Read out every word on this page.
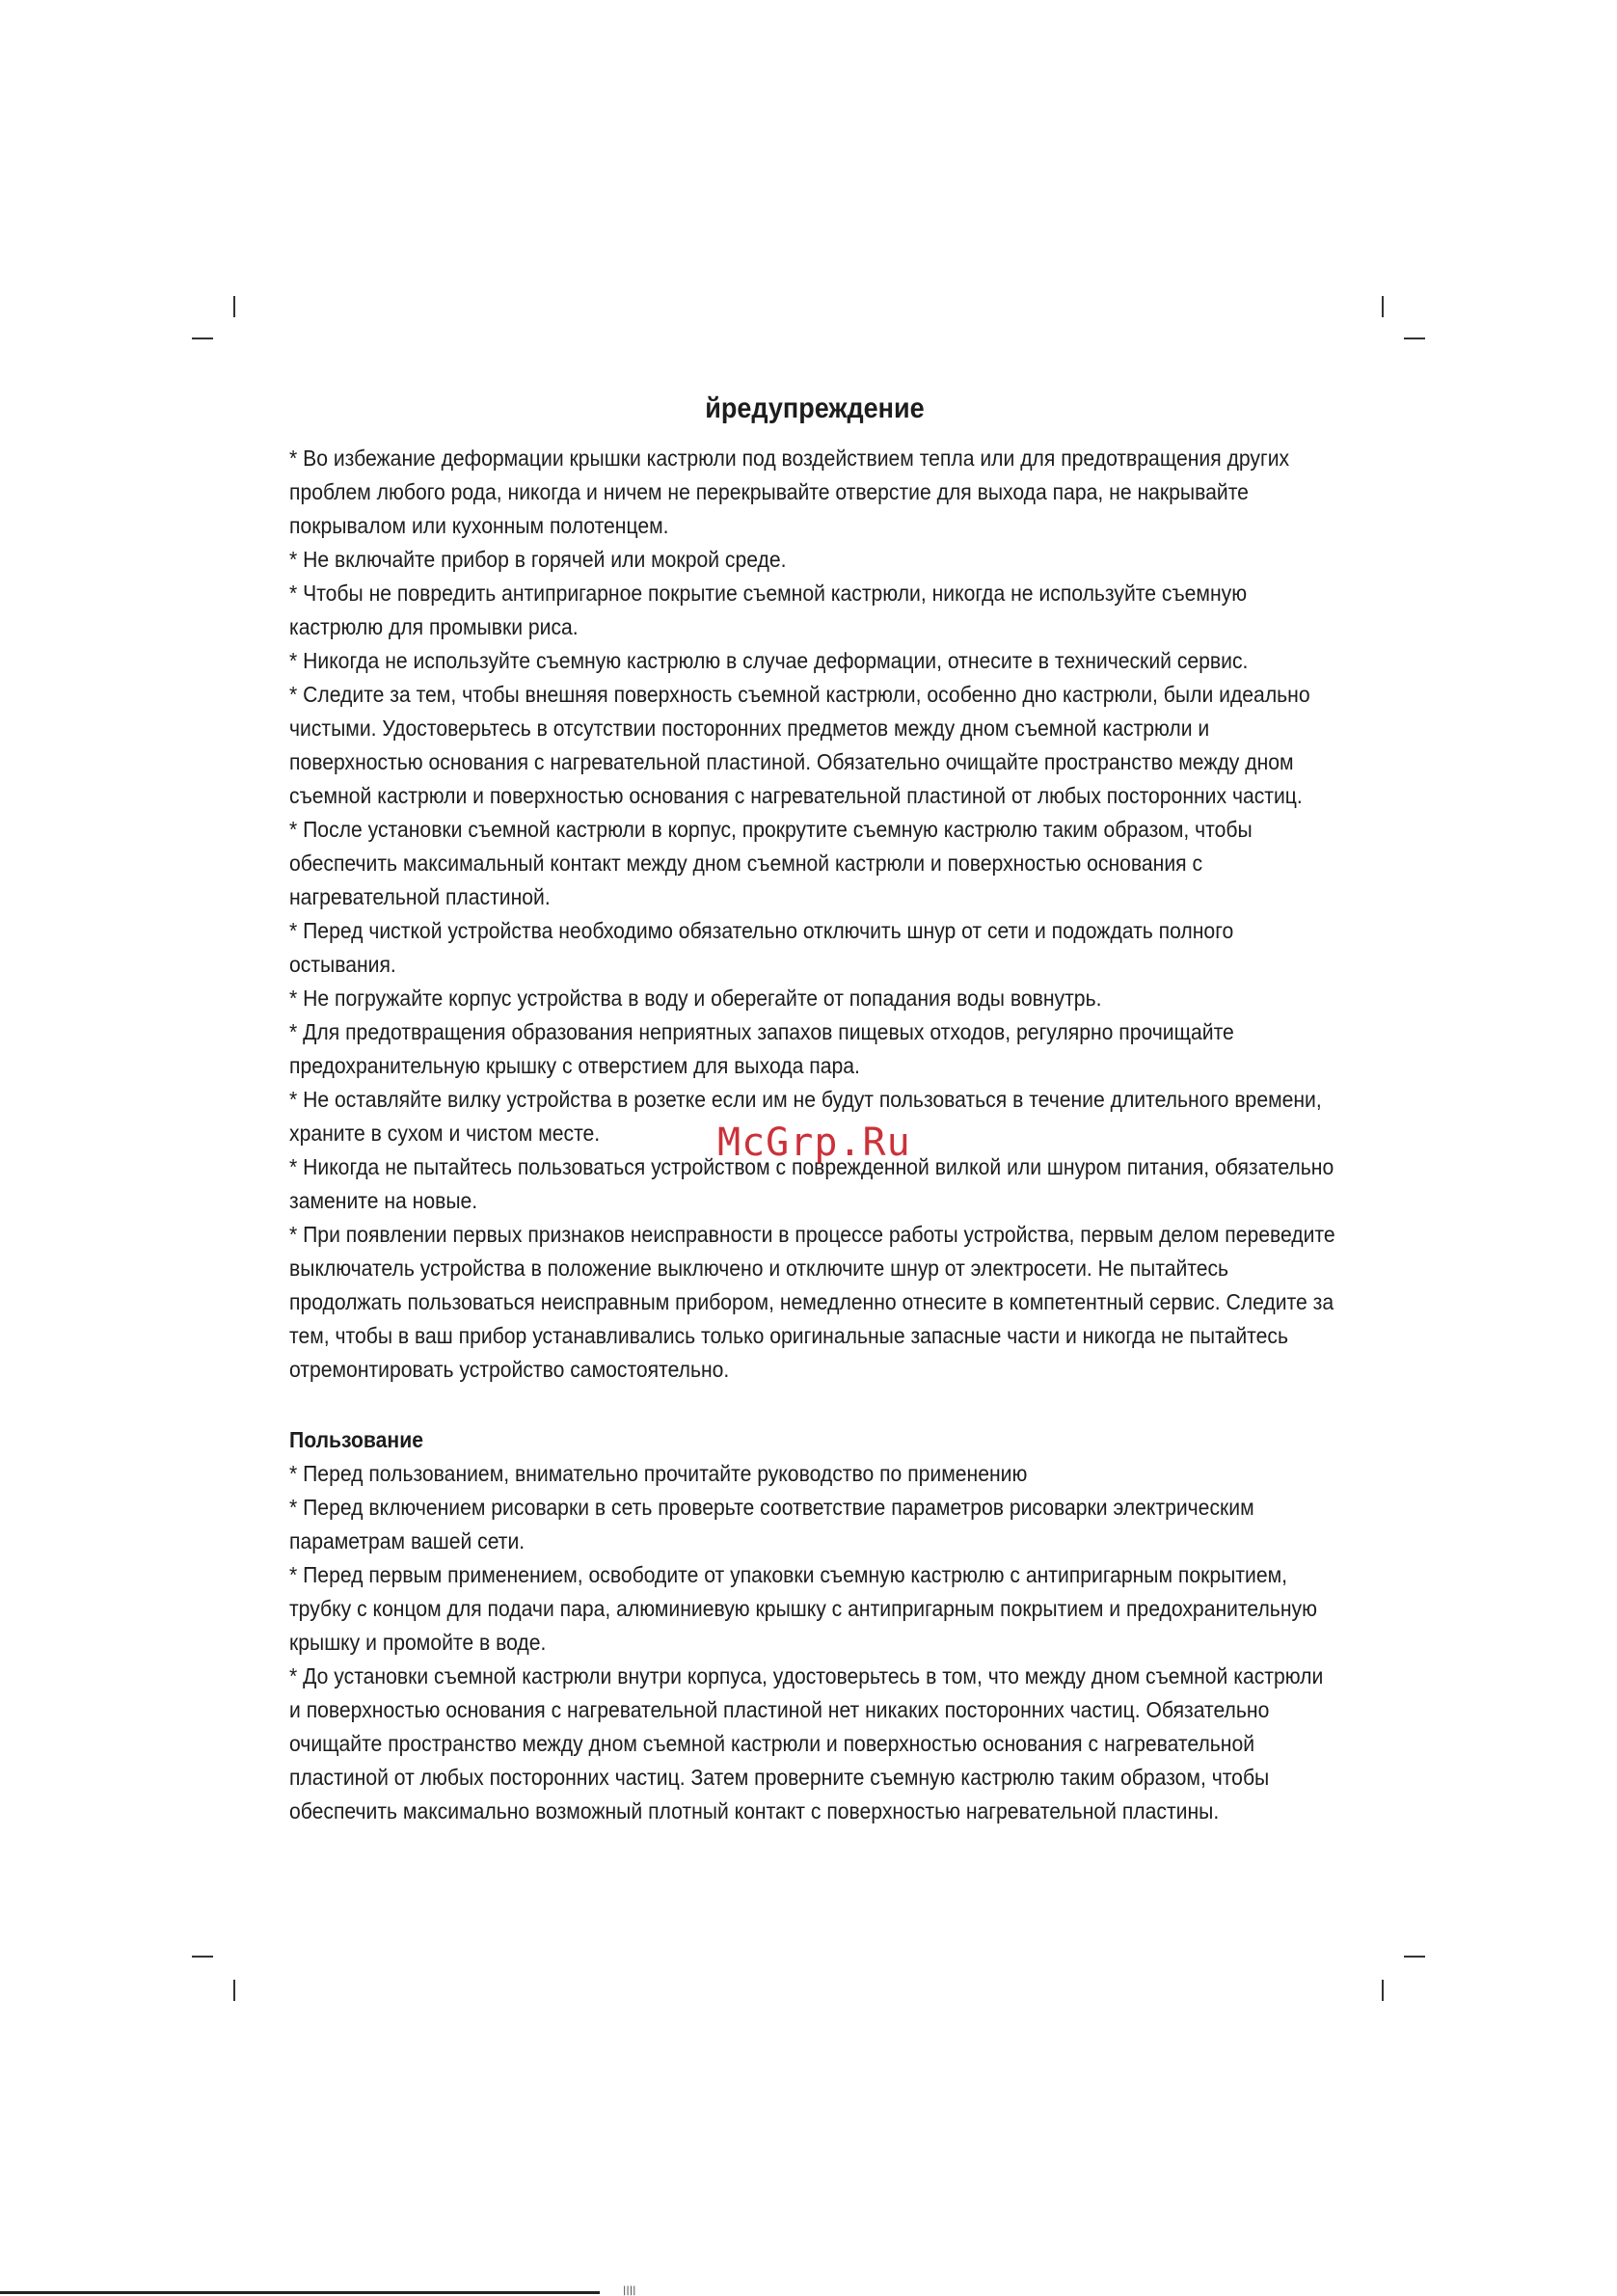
йредупреждение

* Во избежание деформации крышки кастрюли под воздействием тепла или для предотвращения других проблем любого рода, никогда и ничем не перекрывайте отверстие для выхода пара, не накрывайте покрывалом или кухонным полотенцем.

* Не включайте прибор в горячей или мокрой среде.

* Чтобы не повредить антипригарное покрытие съемной кастрюли, никогда не используйте съемную кастрюлю для промывки риса.

* Никогда не используйте съемную кастрюлю в случае деформации, отнесите в технический сервис.

* Следите за тем, чтобы внешняя поверхность съемной кастрюли, особенно дно кастрюли, были идеально чистыми. Удостоверьтесь в отсутствии посторонних предметов между дном съемной кастрюли и поверхностью основания с нагревательной пластиной. Обязательно очищайте пространство между дном съемной кастрюли и поверхностью основания с нагревательной пластиной от любых посторонних частиц.

* После установки съемной кастрюли в корпус, прокрутите съемную кастрюлю таким образом, чтобы обеспечить максимальный контакт между дном съемной кастрюли и поверхностью основания с нагревательной пластиной.

* Перед чисткой устройства необходимо обязательно отключить шнур от сети и подождать полного остывания.

* Не погружайте корпус устройства в воду и оберегайте от попадания воды вовнутрь.

* Для предотвращения образования неприятных запахов пищевых отходов, регулярно прочищайте предохранительную крышку с отверстием для выхода пара.

* Не оставляйте вилку устройства в розетке если им не будут пользоваться в течение длительного времени, храните в сухом и чистом месте.

* Никогда не пытайтесь пользоваться устройством с поврежденной вилкой или шнуром питания, обязательно замените на новые.

* При появлении первых признаков неисправности в процессе работы устройства, первым делом переведите выключатель устройства в положение выключено и отключите шнур от электросети. Не пытайтесь продолжать пользоваться неисправным прибором, немедленно отнесите в компетентный сервис. Следите за тем, чтобы в ваш прибор устанавливались только оригинальные запасные части и никогда не пытайтесь отремонтировать устройство самостоятельно.

Пользование

* Перед пользованием, внимательно прочитайте руководство по применению

* Перед включением рисоварки в сеть проверьте соответствие параметров рисоварки электрическим параметрам вашей сети.

* Перед первым применением, освободите от упаковки съемную кастрюлю с антипригарным покрытием, трубку с концом для подачи пара, алюминиевую крышку с антипригарным покрытием и предохранительную крышку и промойте в воде.

* До установки съемной кастрюли внутри корпуса, удостоверьтесь в том, что между дном съемной кастрюли и поверхностью основания с нагревательной пластиной нет никаких посторонних частиц. Обязательно очищайте пространство между дном съемной кастрюли и поверхностью основания с нагревательной пластиной от любых посторонних частиц. Затем проверните съемную кастрюлю таким образом, чтобы обеспечить максимально возможный плотный контакт с поверхностью нагревательной пластины.

McGrp.Ru
||||
